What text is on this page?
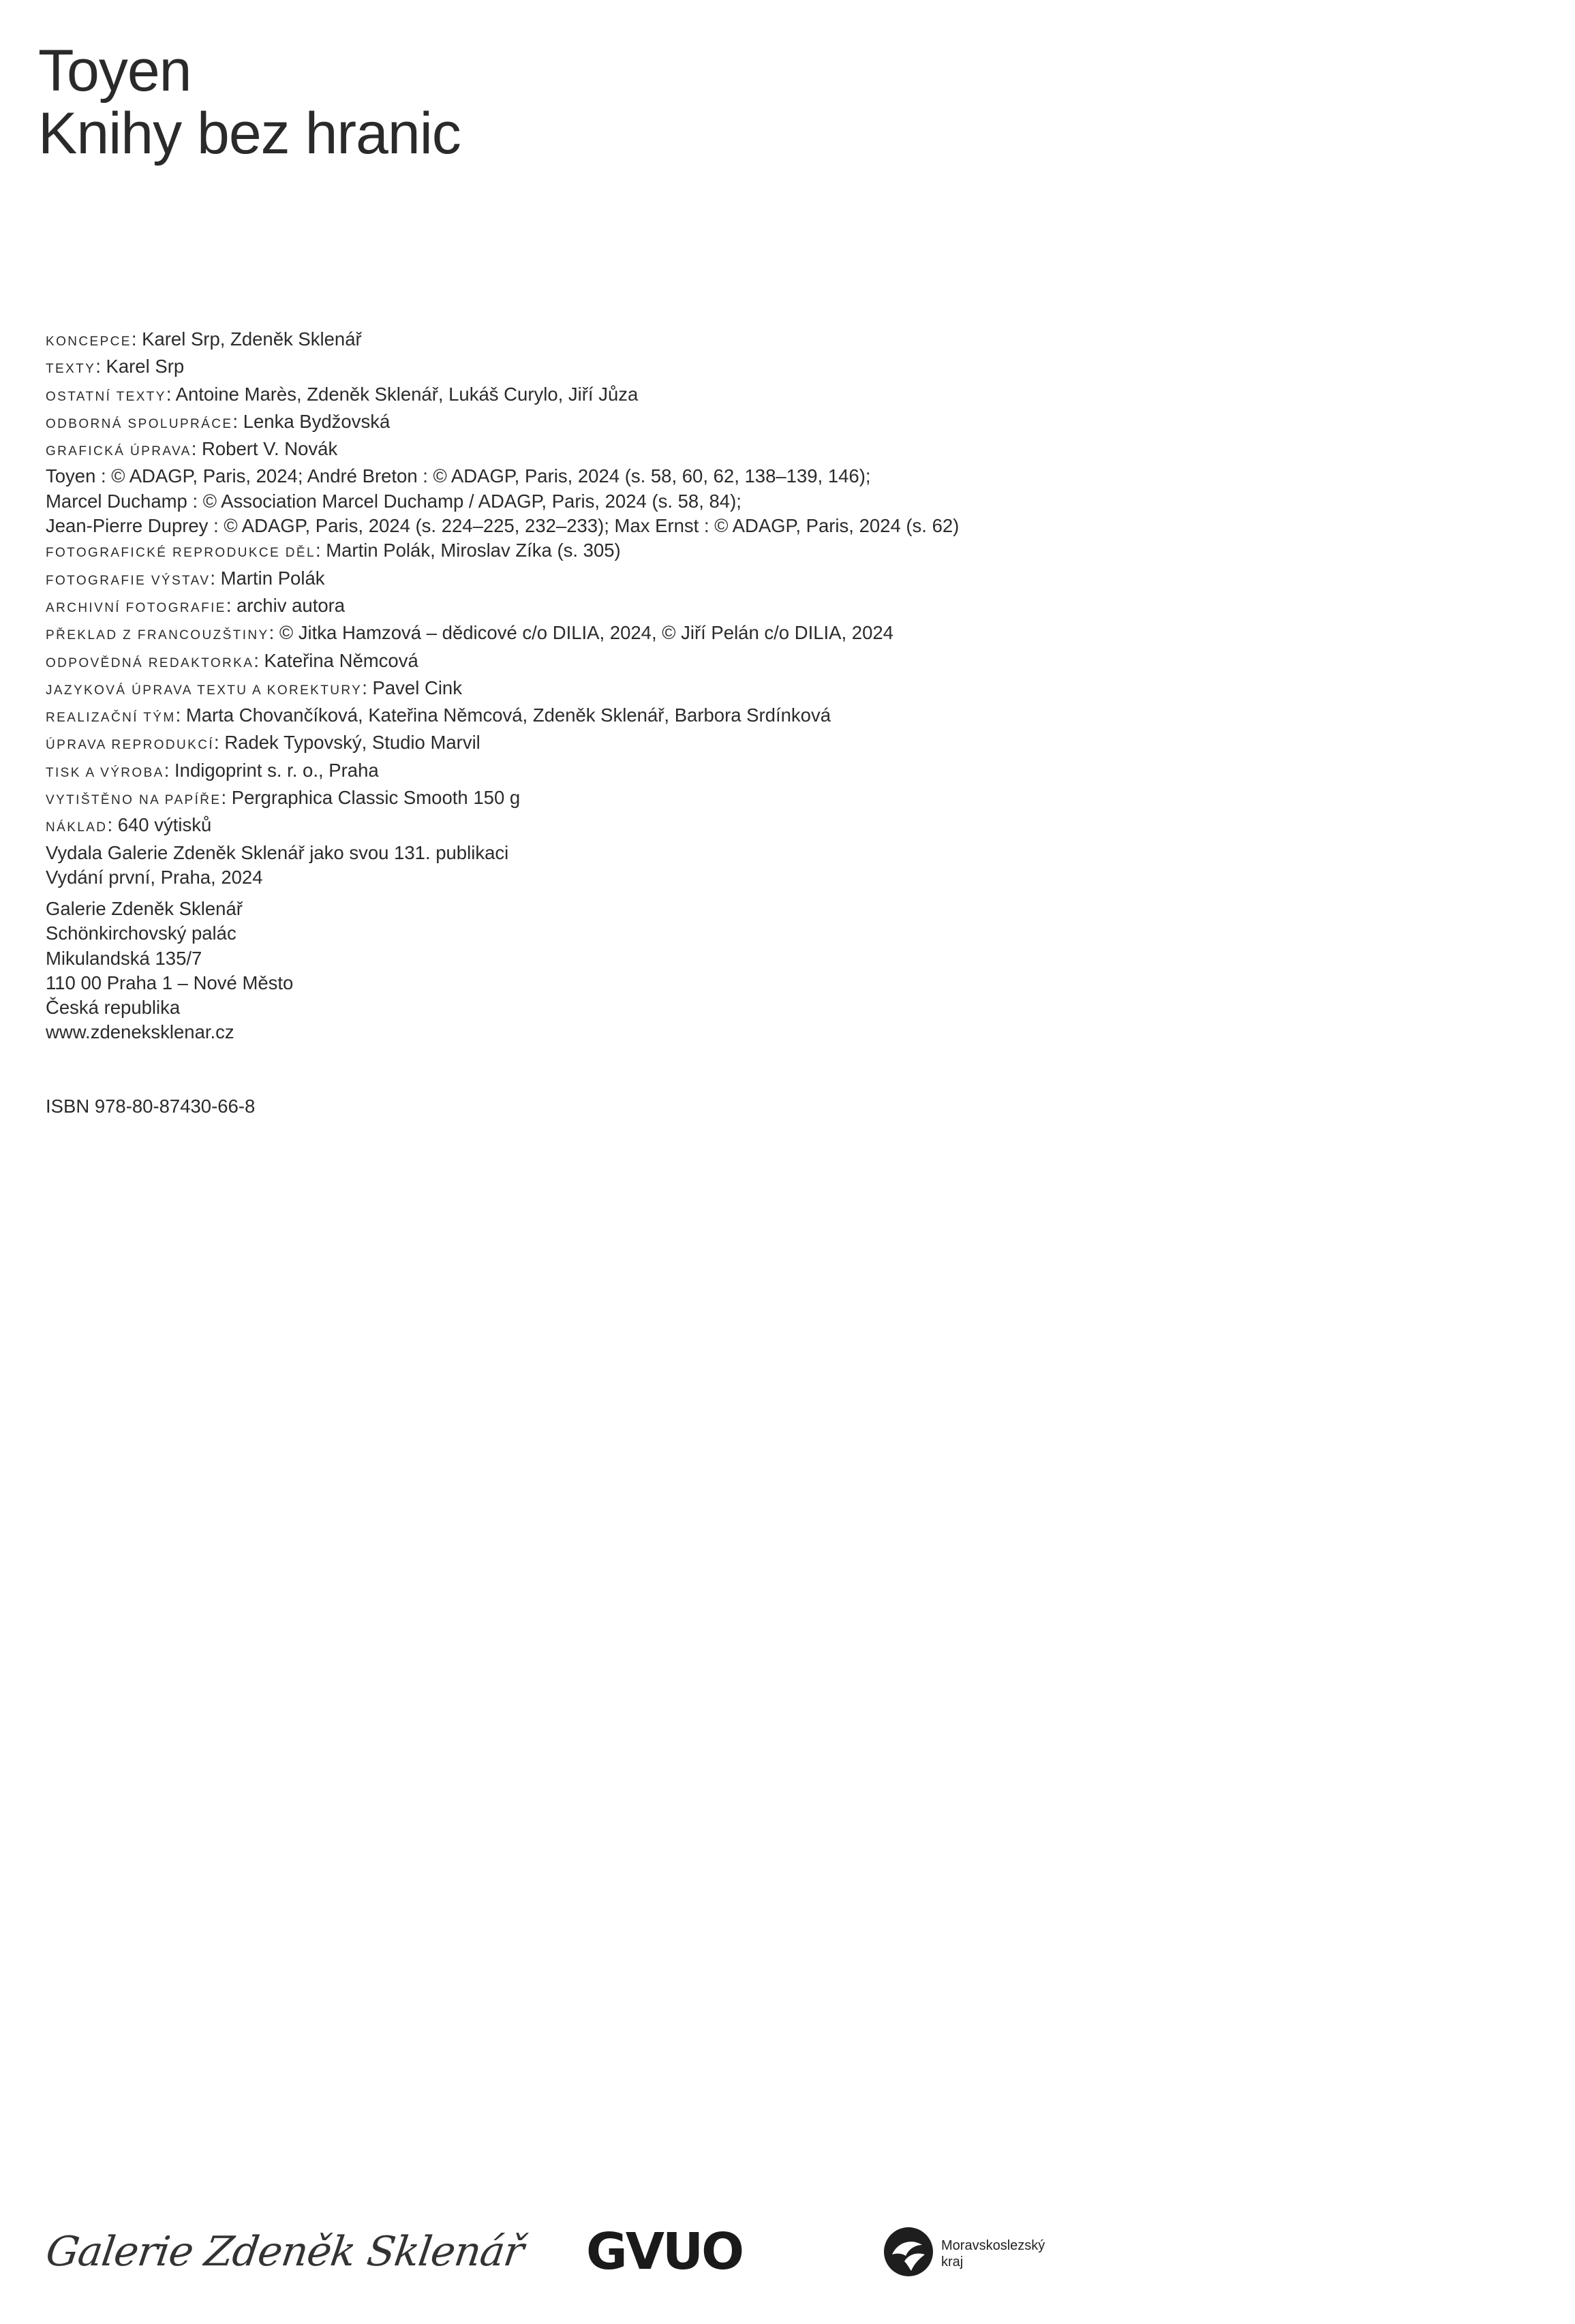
Toyen
Knihy bez hranic
KONCEPCE: Karel Srp, Zdeněk Sklenář
TEXTY: Karel Srp
OSTATNÍ TEXTY: Antoine Marès, Zdeněk Sklenář, Lukáš Curylo, Jiří Jůza
ODBORNÁ SPOLUPRÁCE: Lenka Bydžovská
GRAFICKÁ ÚPRAVA: Robert V. Novák
Toyen : © ADAGP, Paris, 2024; André Breton : © ADAGP, Paris, 2024 (s. 58, 60, 62, 138–139, 146);
Marcel Duchamp : © Association Marcel Duchamp / ADAGP, Paris, 2024 (s. 58, 84);
Jean-Pierre Duprey : © ADAGP, Paris, 2024 (s. 224–225, 232–233); Max Ernst : © ADAGP, Paris, 2024 (s. 62)
FOTOGRAFICKÉ REPRODUKCE DĚL: Martin Polák, Miroslav Zíka (s. 305)
FOTOGRAFIE VÝSTAV: Martin Polák
ARCHIVNÍ FOTOGRAFIE: archiv autora
PŘEKLAD Z FRANCOUZŠTINY: © Jitka Hamzová – dědicové c/o DILIA, 2024, © Jiří Pelán c/o DILIA, 2024
ODPOVĚDNÁ REDAKTORKA: Kateřina Němcová
JAZYKOVÁ ÚPRAVA TEXTU A KOREKTURY: Pavel Cink
REALIZAČNÍ TÝM: Marta Chovančíková, Kateřina Němcová, Zdeněk Sklenář, Barbora Srdínková
ÚPRAVA REPRODUKCÍ: Radek Typovský, Studio Marvil
TISK A VÝROBA: Indigoprint s. r. o., Praha
VYTIŠTĚNO NA PAPÍŘE: Pergraphica Classic Smooth 150 g
NÁKLAD: 640 výtisků
Vydala Galerie Zdeněk Sklenář jako svou 131. publikaci
Vydání první, Praha, 2024
Galerie Zdeněk Sklenář
Schönkirchovský palác
Mikulandská 135/7
110 00 Praha 1 – Nové Město
Česká republika
www.zdeneksklenar.cz
ISBN 978-80-87430-66-8
Galerie Zdeněk Sklenář GVUO	Moravskoslezský
kraj
